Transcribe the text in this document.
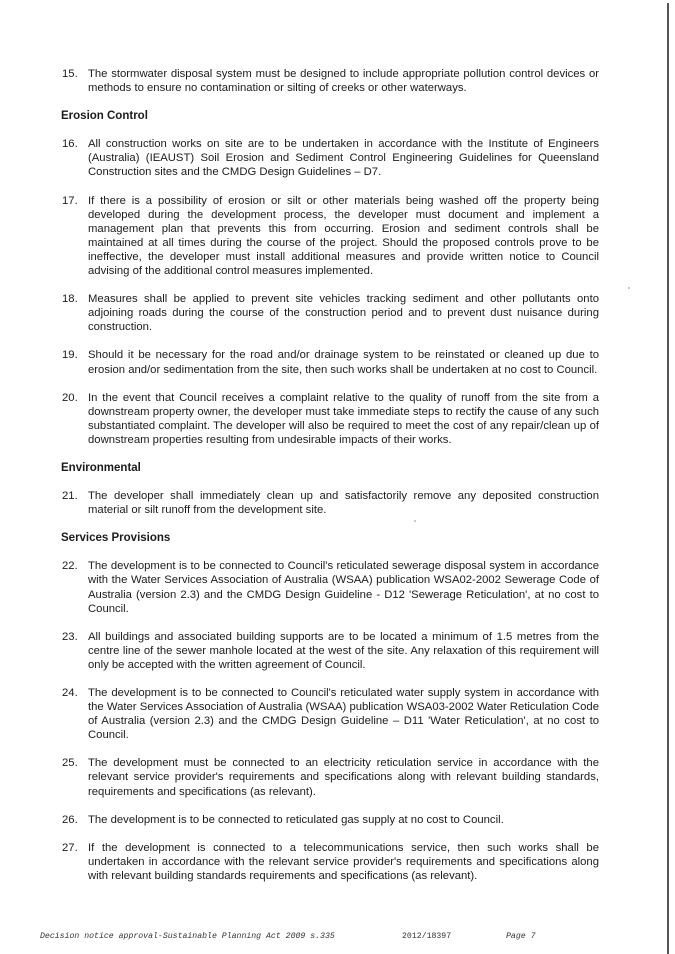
15. The stormwater disposal system must be designed to include appropriate pollution control devices or methods to ensure no contamination or silting of creeks or other waterways.
Erosion Control
16. All construction works on site are to be undertaken in accordance with the Institute of Engineers (Australia) (IEAUST) Soil Erosion and Sediment Control Engineering Guidelines for Queensland Construction sites and the CMDG Design Guidelines – D7.
17. If there is a possibility of erosion or silt or other materials being washed off the property being developed during the development process, the developer must document and implement a management plan that prevents this from occurring. Erosion and sediment controls shall be maintained at all times during the course of the project. Should the proposed controls prove to be ineffective, the developer must install additional measures and provide written notice to Council advising of the additional control measures implemented.
18. Measures shall be applied to prevent site vehicles tracking sediment and other pollutants onto adjoining roads during the course of the construction period and to prevent dust nuisance during construction.
19. Should it be necessary for the road and/or drainage system to be reinstated or cleaned up due to erosion and/or sedimentation from the site, then such works shall be undertaken at no cost to Council.
20. In the event that Council receives a complaint relative to the quality of runoff from the site from a downstream property owner, the developer must take immediate steps to rectify the cause of any such substantiated complaint. The developer will also be required to meet the cost of any repair/clean up of downstream properties resulting from undesirable impacts of their works.
Environmental
21. The developer shall immediately clean up and satisfactorily remove any deposited construction material or silt runoff from the development site.
Services Provisions
22. The development is to be connected to Council's reticulated sewerage disposal system in accordance with the Water Services Association of Australia (WSAA) publication WSA02-2002 Sewerage Code of Australia (version 2.3) and the CMDG Design Guideline - D12 'Sewerage Reticulation', at no cost to Council.
23. All buildings and associated building supports are to be located a minimum of 1.5 metres from the centre line of the sewer manhole located at the west of the site. Any relaxation of this requirement will only be accepted with the written agreement of Council.
24. The development is to be connected to Council's reticulated water supply system in accordance with the Water Services Association of Australia (WSAA) publication WSA03-2002 Water Reticulation Code of Australia (version 2.3) and the CMDG Design Guideline – D11 'Water Reticulation', at no cost to Council.
25. The development must be connected to an electricity reticulation service in accordance with the relevant service provider's requirements and specifications along with relevant building standards, requirements and specifications (as relevant).
26. The development is to be connected to reticulated gas supply at no cost to Council.
27. If the development is connected to a telecommunications service, then such works shall be undertaken in accordance with the relevant service provider's requirements and specifications along with relevant building standards requirements and specifications (as relevant).
Decision notice approval-Sustainable Planning Act 2009 s.335	2012/18397	Page 7
